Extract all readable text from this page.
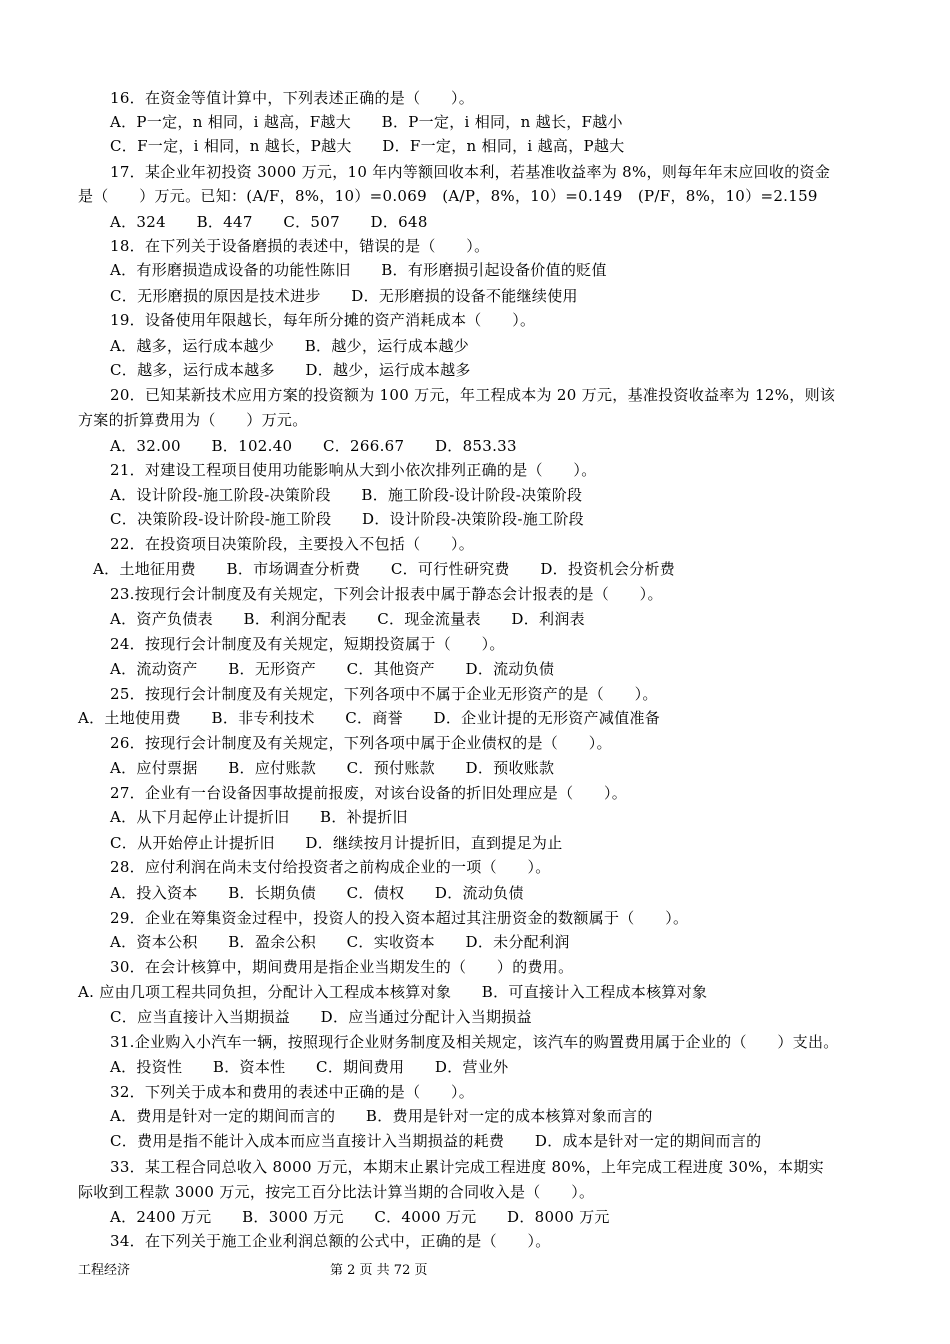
16．在资金等值计算中，下列表述正确的是（　　）。
A．P一定，n 相同，i 越高，F越大　　B．P一定，i 相同，n 越长，F越小
C．F一定，i 相同，n 越长，P越大　　D．F一定，n 相同，i 越高，P越大
17．某企业年初投资 3000 万元，10 年内等额回收本利，若基准收益率为 8%，则每年年末应回收的资金
是（　　）万元。已知：(A/F，8%，10）=0.069　(A/P，8%，10）=0.149　(P/F，8%，10）=2.159
A．324　　B．447　　C．507　　D．648
18．在下列关于设备磨损的表述中，错误的是（　　）。
A．有形磨损造成设备的功能性陈旧　　B．有形磨损引起设备价值的贬值
C．无形磨损的原因是技术进步　　D．无形磨损的设备不能继续使用
19．设备使用年限越长，每年所分摊的资产消耗成本（　　）。
A．越多，运行成本越少　　B．越少，运行成本越少
C．越多，运行成本越多　　D．越少，运行成本越多
20．已知某新技术应用方案的投资额为 100 万元，年工程成本为 20 万元，基准投资收益率为 12%，则该
方案的折算费用为（　　）万元。
A．32.00　　B．102.40　　C．266.67　　D．853.33
21．对建设工程项目使用功能影响从大到小依次排列正确的是（　　）。
A．设计阶段-施工阶段-决策阶段　　B．施工阶段-设计阶段-决策阶段
C．决策阶段-设计阶段-施工阶段　　D．设计阶段-决策阶段-施工阶段
22．在投资项目决策阶段，主要投入不包括（　　）。
A．土地征用费　　B．市场调查分析费　　C．可行性研究费　　D．投资机会分析费
23.按现行会计制度及有关规定，下列会计报表中属于静态会计报表的是（　　）。
A．资产负债表　　B．利润分配表　　C．现金流量表　　D．利润表
24．按现行会计制度及有关规定，短期投资属于（　　）。
A．流动资产　　B．无形资产　　C．其他资产　　D．流动负债
25．按现行会计制度及有关规定，下列各项中不属于企业无形资产的是（　　）。
A．土地使用费　　B．非专利技术　　C．商誉　　D．企业计提的无形资产减值准备
26．按现行会计制度及有关规定，下列各项中属于企业债权的是（　　）。
A．应付票据　　B．应付账款　　C．预付账款　　D．预收账款
27．企业有一台设备因事故提前报废，对该台设备的折旧处理应是（　　）。
A．从下月起停止计提折旧　　B．补提折旧
C．从开始停止计提折旧　　D．继续按月计提折旧，直到提足为止
28．应付利润在尚未支付给投资者之前构成企业的一项（　　）。
A．投入资本　　B．长期负债　　C．债权　　D．流动负债
29．企业在筹集资金过程中，投资人的投入资本超过其注册资金的数额属于（　　）。
A．资本公积　　B．盈余公积　　C．实收资本　　D．未分配利润
30．在会计核算中，期间费用是指企业当期发生的（　　）的费用。
A. 应由几项工程共同负担，分配计入工程成本核算对象　　B．可直接计入工程成本核算对象
C．应当直接计入当期损益　　D．应当通过分配计入当期损益
31.企业购入小汽车一辆，按照现行企业财务制度及相关规定，该汽车的购置费用属于企业的（　　）支出。
A．投资性　　B．资本性　　C．期间费用　　D．营业外
32．下列关于成本和费用的表述中正确的是（　　）。
A．费用是针对一定的期间而言的　　B．费用是针对一定的成本核算对象而言的
C．费用是指不能计入成本而应当直接计入当期损益的耗费　　D．成本是针对一定的期间而言的
33．某工程合同总收入 8000 万元，本期末止累计完成工程进度 80%，上年完成工程进度 30%，本期实
际收到工程款 3000 万元，按完工百分比法计算当期的合同收入是（　　）。
A．2400 万元　　B．3000 万元　　C．4000 万元　　D．8000 万元
34．在下列关于施工企业利润总额的公式中，正确的是（　　）。
工程经济	第 2 页 共 72 页
